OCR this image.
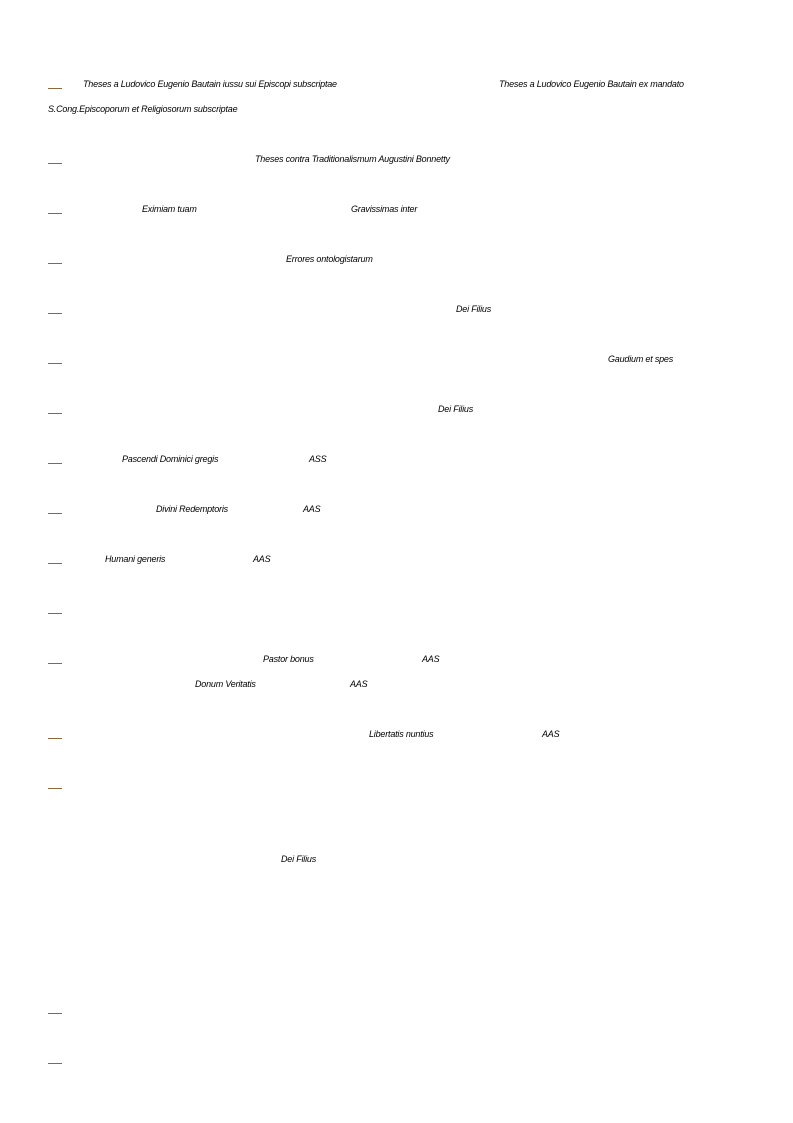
Theses a Ludovico Eugenio Bautain iussu sui Episcopi subscriptae	Theses a Ludovico Eugenio Bautain ex mandato
S.Cong.Episcoporum et Religiosorum subscriptae
Theses contra Traditionalismum Augustini Bonnetty
Eximiam tuam	Gravissimas inter
Errores ontologistarum
Dei Filius
Gaudium et spes
Dei Filius
Pascendi Dominici gregis	ASS
Divini Redemptoris	AAS
Humani generis	AAS
Pastor bonus	AAS
Donum Veritatis	AAS
Libertatis nuntius	AAS
Dei Filius
